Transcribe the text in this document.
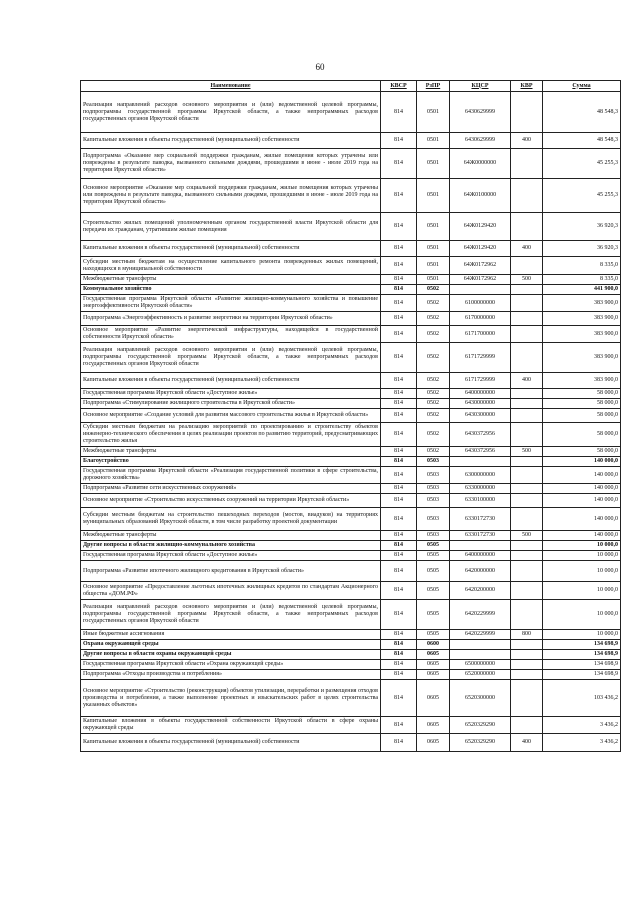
60
Наименование	КВСР	РзПР	КЦСР	КВР	Сумма
Реализация направлений расходов основного мероприятия и (или) ведомственной целевой программы, подпрограммы государственной программы Иркутской области, а также непрограммных расходов государственных органов Иркутской области	814	0501	6430629999		48 548,3
Капитальные вложения в объекты государственной (муниципальной) собственности	814	0501	6430629999	400	48 548,3
Подпрограмма «Оказание мер социальной поддержки гражданам, жилые помещения которых утрачены или повреждены в результате паводка, вызванного сильными дождями, прошедшими в июне - июле 2019 года на территории Иркутской области»	814	0501	64Ж0000000		45 255,3
Основное мероприятие «Оказание мер социальной поддержки гражданам, жилые помещения которых утрачены или повреждены в результате паводка, вызванного сильными дождями, прошедшими в июне - июле 2019 года на территории Иркутской области»	814	0501	64Ж0100000		45 255,3
Строительство жилых помещений уполномоченным органом государственной власти Иркутской области для передачи их гражданам, утратившим жилые помещения	814	0501	64Ж0129420		36 920,3
Капитальные вложения в объекты государственной (муниципальной) собственности	814	0501	64Ж0129420	400	36 920,3
Субсидии местным бюджетам на осуществление капитального ремонта поврежденных жилых помещений, находящихся в муниципальной собственности	814	0501	64Ж0172962		8 335,0
Межбюджетные трансферты	814	0501	64Ж0172962	500	8 335,0
Коммунальное хозяйство	814	0502			441 900,0
Государственная программа Иркутской области «Развитие жилищно-коммунального хозяйства и повышение энергоэффективности Иркутской области»	814	0502	6100000000		383 900,0
Подпрограмма «Энергоэффективность и развитие энергетики на территории Иркутской области»	814	0502	6170000000		383 900,0
Основное мероприятие «Развитие энергетической инфраструктуры, находящейся в государственной собственности Иркутской области»	814	0502	6171700000		383 900,0
Реализация направлений расходов основного мероприятия и (или) ведомственной целевой программы, подпрограммы государственной программы Иркутской области, а также непрограммных расходов государственных органов Иркутской области	814	0502	6171729999		383 900,0
Капитальные вложения в объекты государственной (муниципальной) собственности	814	0502	6171729999	400	383 900,0
Государственная программа Иркутской области «Доступное жилье»	814	0502	6400000000		58 000,0
Подпрограмма «Стимулирование жилищного строительства в Иркутской области»	814	0502	6430000000		58 000,0
Основное мероприятие «Создание условий для развития массового строительства жилья в Иркутской области»	814	0502	6430300000		58 000,0
Субсидии местным бюджетам на реализацию мероприятий по проектированию и строительству объектов инженерно-технического обеспечения в целях реализации проектов по развитию территорий, предусматривающих строительство жилья	814	0502	6430372956		58 000,0
Межбюджетные трансферты	814	0502	6430372956	500	58 000,0
Благоустройство	814	0503			140 000,0
Государственная программа Иркутской области «Реализация государственной политики в сфере строительства, дорожного хозяйства»	814	0503	6300000000		140 000,0
Подпрограмма «Развитие сети искусственных сооружений»	814	0503	6330000000		140 000,0
Основное мероприятие «Строительство искусственных сооружений на территории Иркутской области»	814	0503	6330100000		140 000,0
Субсидии местным бюджетам на строительство пешеходных переходов (мостов, виадуков) на территориях муниципальных образований Иркутской области, в том числе разработку проектной документации	814	0503	6330172730		140 000,0
Межбюджетные трансферты	814	0503	6330172730	500	140 000,0
Другие вопросы в области жилищно-коммунального хозяйства	814	0505			10 000,0
Государственная программа Иркутской области «Доступное жилье»	814	0505	6400000000		10 000,0
Подпрограмма «Развитие ипотечного жилищного кредитования в Иркутской области»	814	0505	6420000000		10 000,0
Основное мероприятие «Предоставление льготных ипотечных жилищных кредитов по стандартам Акционерного общества «ДОМ.РФ»	814	0505	6420200000		10 000,0
Реализация направлений расходов основного мероприятия и (или) ведомственной целевой программы, подпрограммы государственной программы Иркутской области, а также непрограммных расходов государственных органов Иркутской области	814	0505	6420229999		10 000,0
Иные бюджетные ассигнования	814	0505	6420229999	800	10 000,0
Охрана окружающей среды	814	0600			134 698,9
Другие вопросы в области охраны окружающей среды	814	0605			134 698,9
Государственная программа Иркутской области «Охрана окружающей среды»	814	0605	6500000000		134 698,9
Подпрограмма «Отходы производства и потребления»	814	0605	6520000000		134 698,9
Основное мероприятие «Строительство (реконструкция) объектов утилизации, переработки и размещения отходов производства и потребления, а также выполнение проектных и изыскательских работ в целях строительства указанных объектов»	814	0605	6520300000		103 436,2
Капитальные вложения в объекты государственной собственности Иркутской области в сфере охраны окружающей среды	814	0605	6520329290		3 436,2
Капитальные вложения в объекты государственной (муниципальной) собственности	814	0605	6520329290	400	3 436,2
